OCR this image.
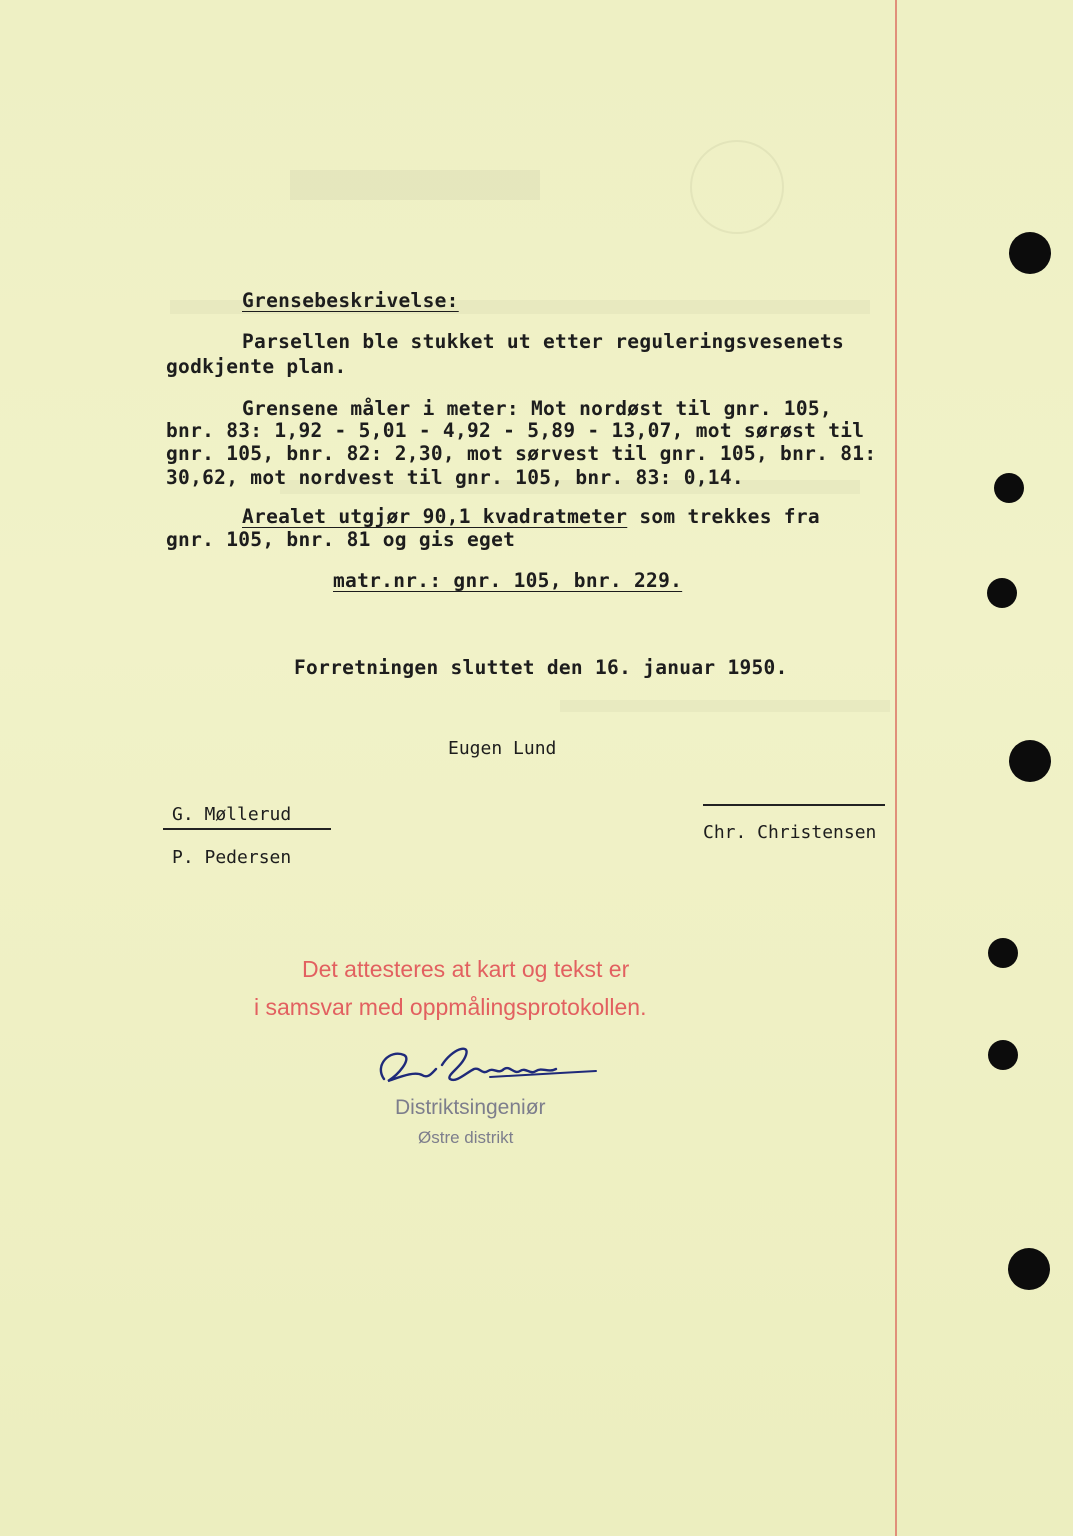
Grensebeskrivelse:
Parsellen ble stukket ut etter reguleringsvesenets
godkjente plan.
Grensene måler i meter: Mot nordøst til gnr. 105,
bnr. 83: 1,92 - 5,01 - 4,92 - 5,89 - 13,07, mot sørøst til
gnr. 105, bnr. 82: 2,30, mot sørvest til gnr. 105, bnr. 81:
30,62, mot nordvest til gnr. 105, bnr. 83: 0,14.
Arealet utgjør 90,1 kvadratmeter som trekkes fra
gnr. 105, bnr. 81 og gis eget
matr.nr.: gnr. 105, bnr. 229.
Forretningen sluttet den 16. januar 1950.
Eugen Lund
G. Møllerud
P. Pedersen
Chr. Christensen
Det attesteres at kart og tekst er
i samsvar med oppmålingsprotokollen.
Distriktsingeniør
Østre distrikt
